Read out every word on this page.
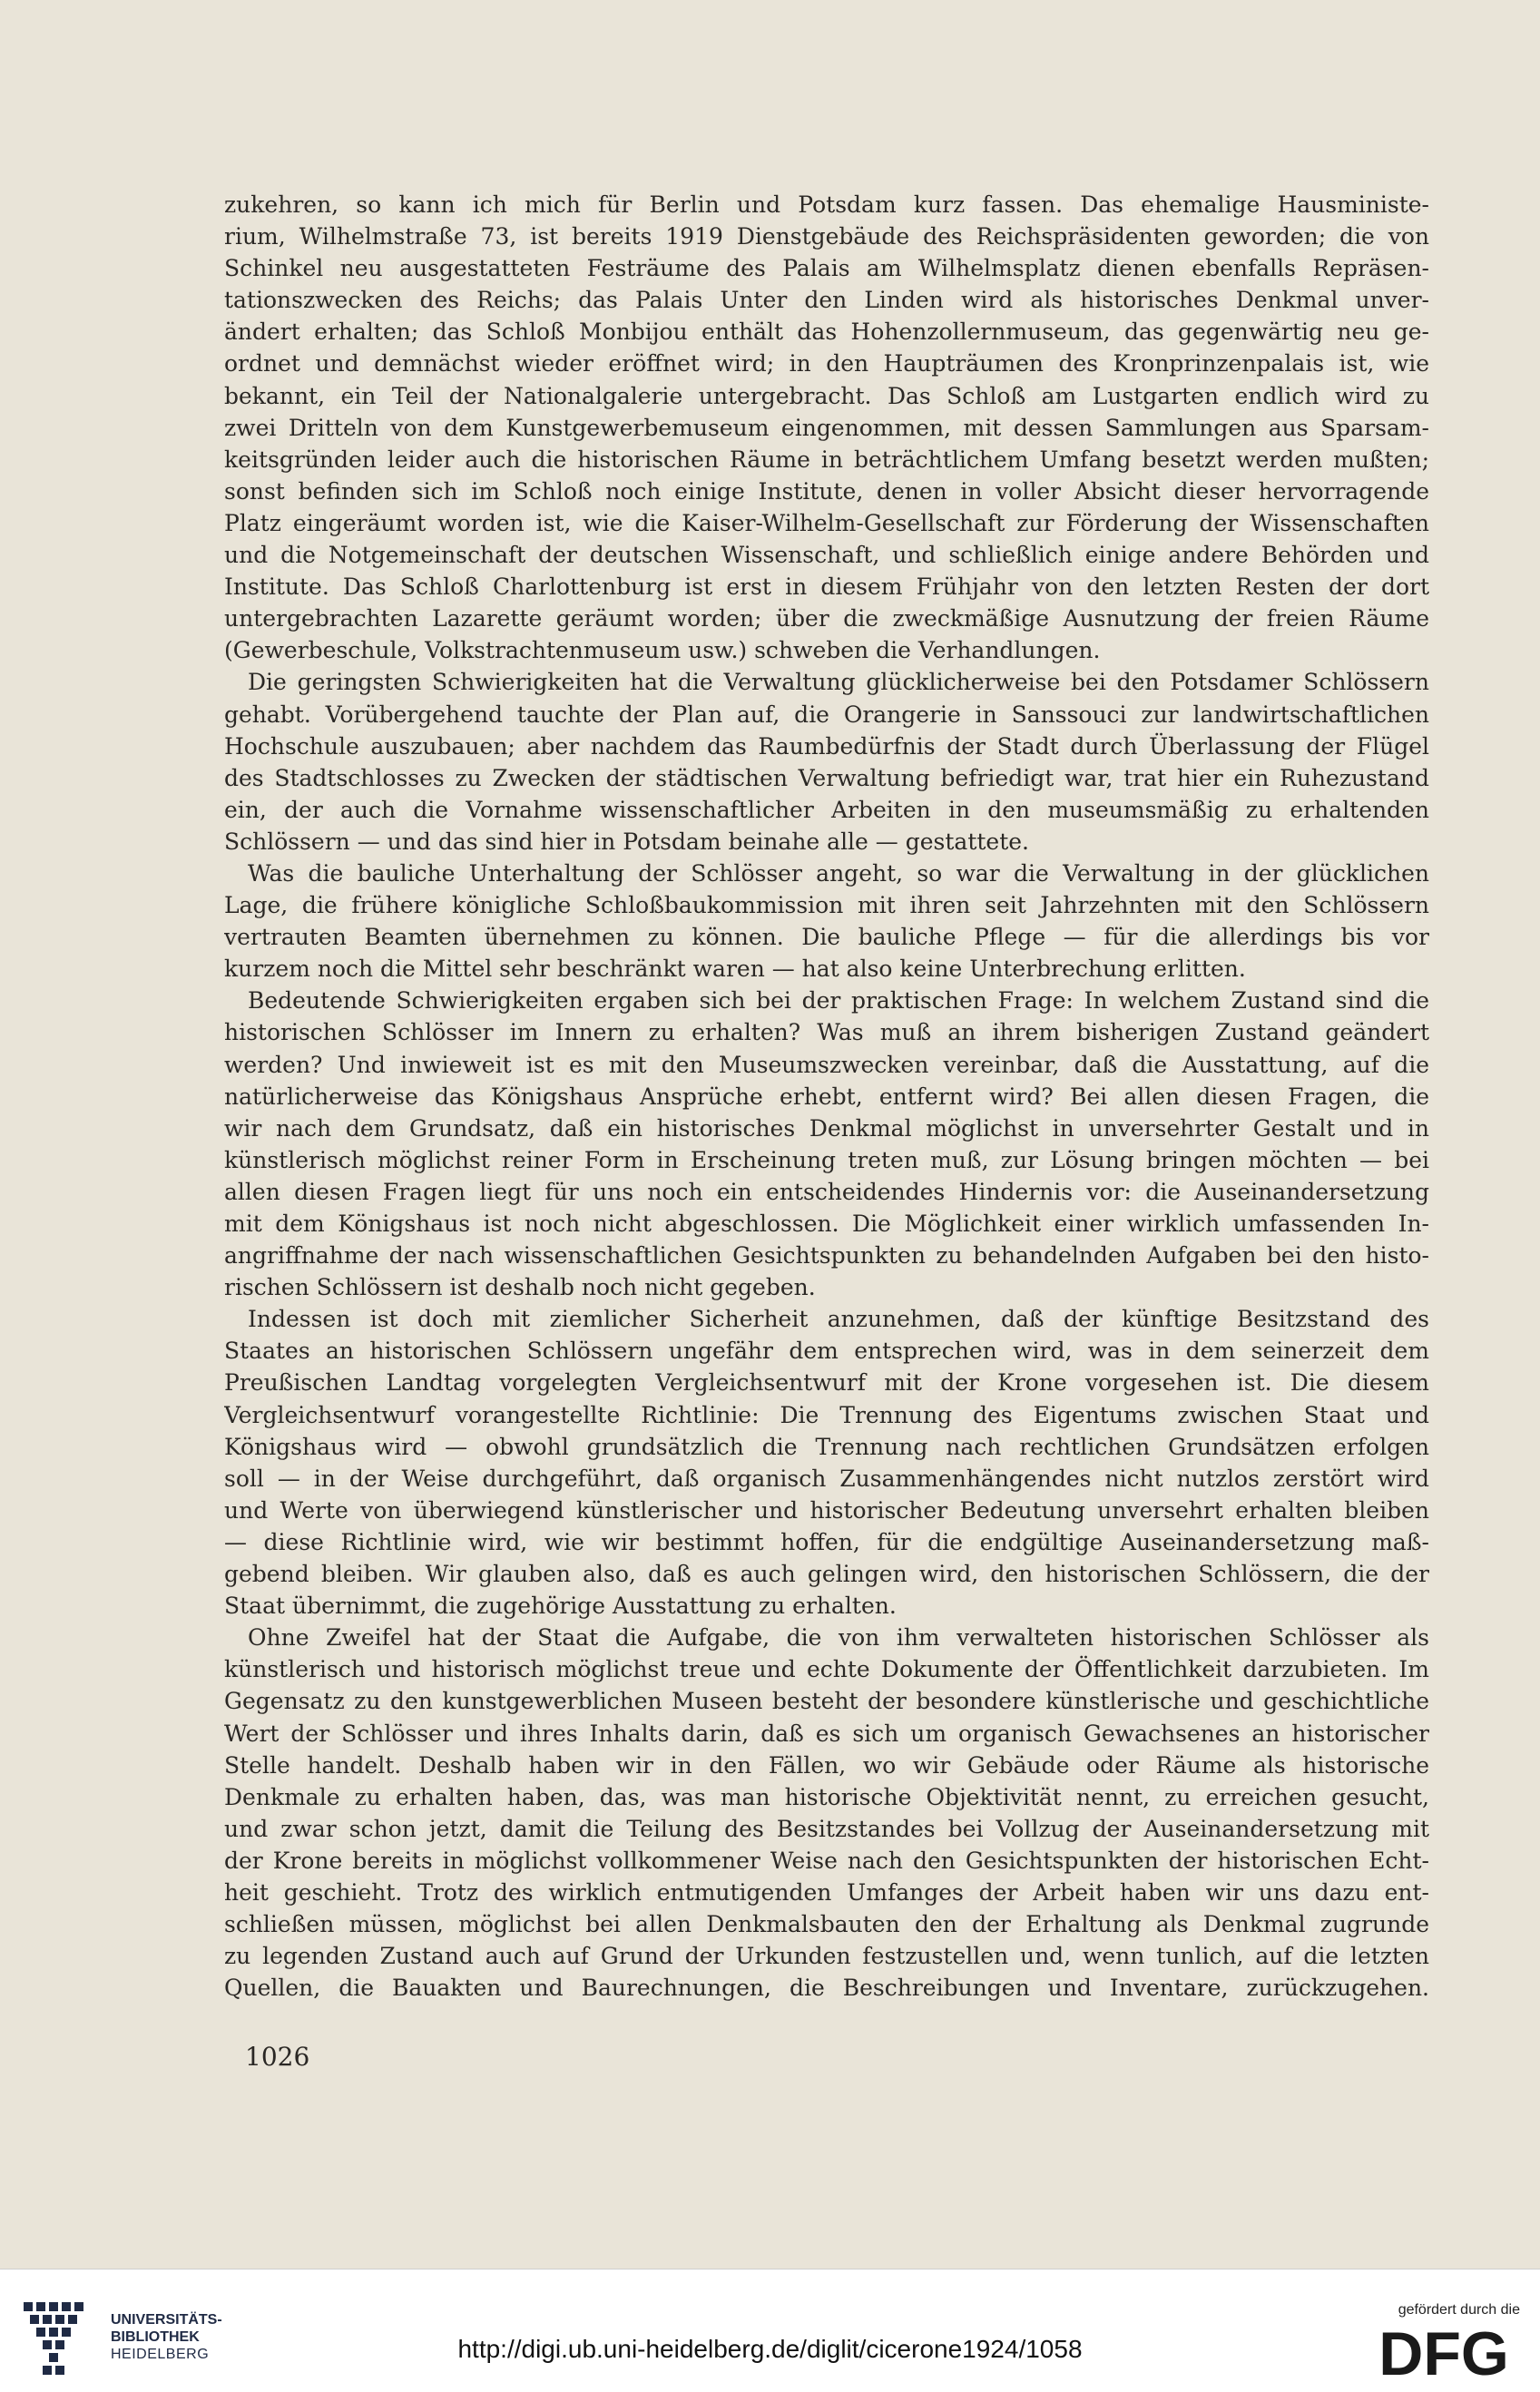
zukehren, so kann ich mich für Berlin und Potsdam kurz fassen. Das ehemalige Hausministe-
rium, Wilhelmstraße 73, ist bereits 1919 Dienstgebäude des Reichspräsidenten geworden; die von
Schinkel neu ausgestatteten Festräume des Palais am Wilhelmsplatz dienen ebenfalls Repräsen-
tationszwecken des Reichs; das Palais Unter den Linden wird als historisches Denkmal unver-
ändert erhalten; das Schloß Monbijou enthält das Hohenzollernmuseum, das gegenwärtig neu ge-
ordnet und demnächst wieder eröffnet wird; in den Haupträumen des Kronprinzenpalais ist, wie
bekannt, ein Teil der Nationalgalerie untergebracht. Das Schloß am Lustgarten endlich wird zu
zwei Dritteln von dem Kunstgewerbemuseum eingenommen, mit dessen Sammlungen aus Sparsam-
keitsgründen leider auch die historischen Räume in beträchtlichem Umfang besetzt werden mußten;
sonst befinden sich im Schloß noch einige Institute, denen in voller Absicht dieser hervorragende
Platz eingeräumt worden ist, wie die Kaiser-Wilhelm-Gesellschaft zur Förderung der Wissenschaften
und die Notgemeinschaft der deutschen Wissenschaft, und schließlich einige andere Behörden und
Institute. Das Schloß Charlottenburg ist erst in diesem Frühjahr von den letzten Resten der dort
untergebrachten Lazarette geräumt worden; über die zweckmäßige Ausnutzung der freien Räume
(Gewerbeschule, Volkstrachtenmuseum usw.) schweben die Verhandlungen.
Die geringsten Schwierigkeiten hat die Verwaltung glücklicherweise bei den Potsdamer Schlössern
gehabt. Vorübergehend tauchte der Plan auf, die Orangerie in Sanssouci zur landwirtschaftlichen
Hochschule auszubauen; aber nachdem das Raumbedürfnis der Stadt durch Überlassung der Flügel
des Stadtschlosses zu Zwecken der städtischen Verwaltung befriedigt war, trat hier ein Ruhezustand
ein, der auch die Vornahme wissenschaftlicher Arbeiten in den museumsmäßig zu erhaltenden
Schlössern — und das sind hier in Potsdam beinahe alle — gestattete.
Was die bauliche Unterhaltung der Schlösser angeht, so war die Verwaltung in der glücklichen
Lage, die frühere königliche Schloßbaukommission mit ihren seit Jahrzehnten mit den Schlössern
vertrauten Beamten übernehmen zu können. Die bauliche Pflege — für die allerdings bis vor
kurzem noch die Mittel sehr beschränkt waren — hat also keine Unterbrechung erlitten.
Bedeutende Schwierigkeiten ergaben sich bei der praktischen Frage: In welchem Zustand sind die
historischen Schlösser im Innern zu erhalten? Was muß an ihrem bisherigen Zustand geändert
werden? Und inwieweit ist es mit den Museumszwecken vereinbar, daß die Ausstattung, auf die
natürlicherweise das Königshaus Ansprüche erhebt, entfernt wird? Bei allen diesen Fragen, die
wir nach dem Grundsatz, daß ein historisches Denkmal möglichst in unversehrter Gestalt und in
künstlerisch möglichst reiner Form in Erscheinung treten muß, zur Lösung bringen möchten — bei
allen diesen Fragen liegt für uns noch ein entscheidendes Hindernis vor: die Auseinandersetzung
mit dem Königshaus ist noch nicht abgeschlossen. Die Möglichkeit einer wirklich umfassenden In-
angriffnahme der nach wissenschaftlichen Gesichtspunkten zu behandelnden Aufgaben bei den histo-
rischen Schlössern ist deshalb noch nicht gegeben.
Indessen ist doch mit ziemlicher Sicherheit anzunehmen, daß der künftige Besitzstand des
Staates an historischen Schlössern ungefähr dem entsprechen wird, was in dem seinerzeit dem
Preußischen Landtag vorgelegten Vergleichsentwurf mit der Krone vorgesehen ist. Die diesem
Vergleichsentwurf vorangestellte Richtlinie: Die Trennung des Eigentums zwischen Staat und
Königshaus wird — obwohl grundsätzlich die Trennung nach rechtlichen Grundsätzen erfolgen
soll — in der Weise durchgeführt, daß organisch Zusammenhängendes nicht nutzlos zerstört wird
und Werte von überwiegend künstlerischer und historischer Bedeutung unversehrt erhalten bleiben
— diese Richtlinie wird, wie wir bestimmt hoffen, für die endgültige Auseinandersetzung maß-
gebend bleiben. Wir glauben also, daß es auch gelingen wird, den historischen Schlössern, die der
Staat übernimmt, die zugehörige Ausstattung zu erhalten.
Ohne Zweifel hat der Staat die Aufgabe, die von ihm verwalteten historischen Schlösser als
künstlerisch und historisch möglichst treue und echte Dokumente der Öffentlichkeit darzubieten. Im
Gegensatz zu den kunstgewerblichen Museen besteht der besondere künstlerische und geschichtliche
Wert der Schlösser und ihres Inhalts darin, daß es sich um organisch Gewachsenes an historischer
Stelle handelt. Deshalb haben wir in den Fällen, wo wir Gebäude oder Räume als historische
Denkmale zu erhalten haben, das, was man historische Objektivität nennt, zu erreichen gesucht,
und zwar schon jetzt, damit die Teilung des Besitzstandes bei Vollzug der Auseinandersetzung mit
der Krone bereits in möglichst vollkommener Weise nach den Gesichtspunkten der historischen Echt-
heit geschieht. Trotz des wirklich entmutigenden Umfanges der Arbeit haben wir uns dazu ent-
schließen müssen, möglichst bei allen Denkmalsbauten den der Erhaltung als Denkmal zugrunde
zu legenden Zustand auch auf Grund der Urkunden festzustellen und, wenn tunlich, auf die letzten
Quellen, die Bauakten und Baurechnungen, die Beschreibungen und Inventare, zurückzugehen.
1026
UNIVERSITÄTS-
BIBLIOTHEK
HEIDELBERG	http://digi.ub.uni-heidelberg.de/diglit/cicerone1924/1058
gefördert durch die
DFG
